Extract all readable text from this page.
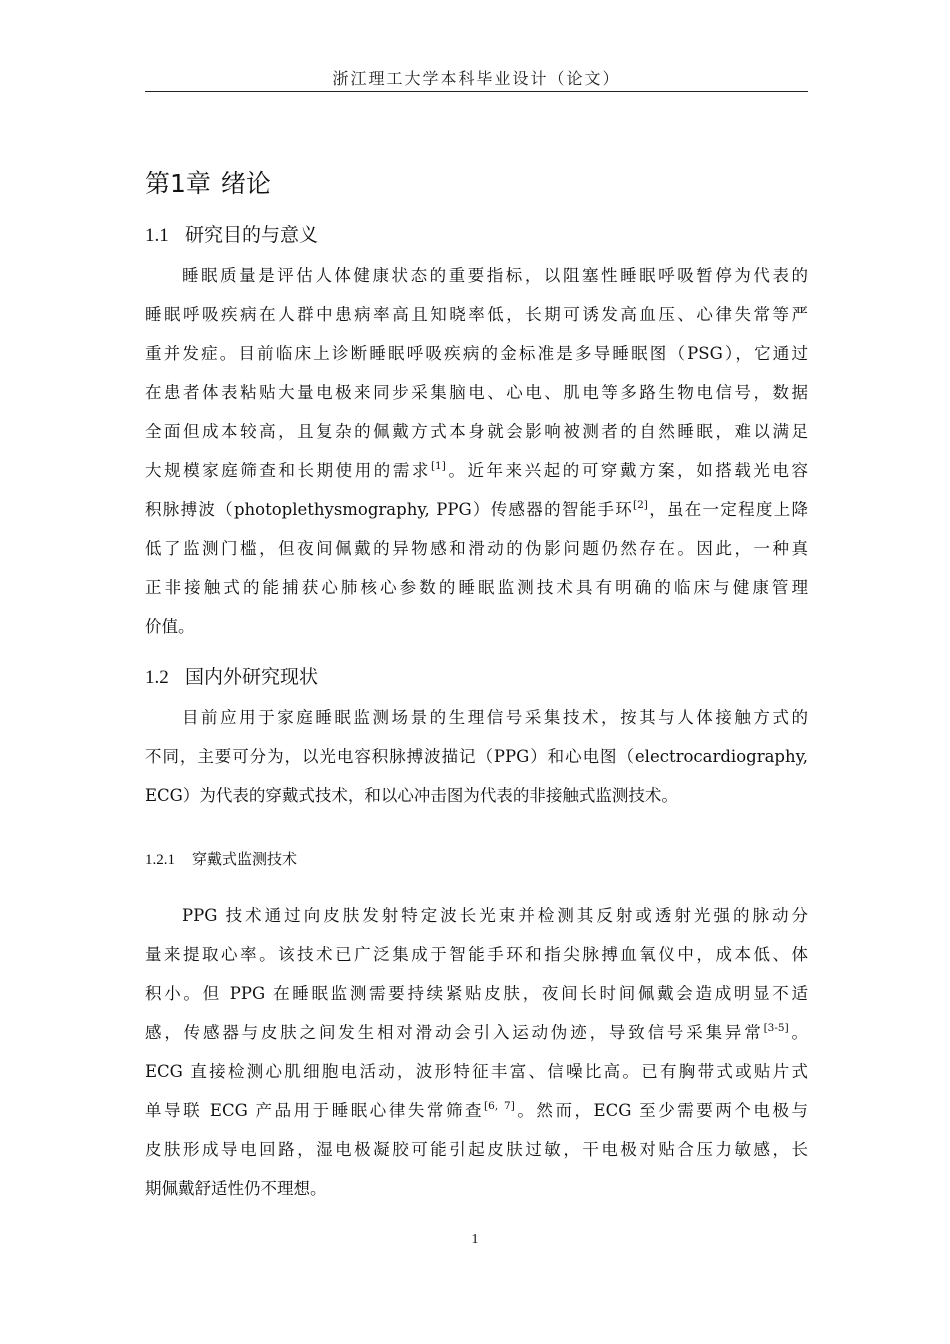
浙江理工大学本科毕业设计（论文）
第1章 绪论
1.1 研究目的与意义
睡眠质量是评估人体健康状态的重要指标，以阻塞性睡眠呼吸暂停为代表的
睡眠呼吸疾病在人群中患病率高且知晓率低，长期可诱发高血压、心律失常等严
重并发症。目前临床上诊断睡眠呼吸疾病的金标准是多导睡眠图（PSG），它通过
在患者体表粘贴大量电极来同步采集脑电、心电、肌电等多路生物电信号，数据
全面但成本较高，且复杂的佩戴方式本身就会影响被测者的自然睡眠，难以满足
大规模家庭筛查和长期使用的需求[1]。近年来兴起的可穿戴方案，如搭载光电容
积脉搏波（photoplethysmography, PPG）传感器的智能手环[2]，虽在一定程度上降
低了监测门槛，但夜间佩戴的异物感和滑动的伪影问题仍然存在。因此，一种真
正非接触式的能捕获心肺核心参数的睡眠监测技术具有明确的临床与健康管理
价值。
1.2 国内外研究现状
目前应用于家庭睡眠监测场景的生理信号采集技术，按其与人体接触方式的
不同，主要可分为，以光电容积脉搏波描记（PPG）和心电图（electrocardiography,
ECG）为代表的穿戴式技术，和以心冲击图为代表的非接触式监测技术。
1.2.1 穿戴式监测技术
PPG 技术通过向皮肤发射特定波长光束并检测其反射或透射光强的脉动分
量来提取心率。该技术已广泛集成于智能手环和指尖脉搏血氧仪中，成本低、体
积小。但 PPG 在睡眠监测需要持续紧贴皮肤，夜间长时间佩戴会造成明显不适
感，传感器与皮肤之间发生相对滑动会引入运动伪迹，导致信号采集异常[3-5]。
ECG 直接检测心肌细胞电活动，波形特征丰富、信噪比高。已有胸带式或贴片式
单导联 ECG 产品用于睡眠心律失常筛查[6, 7]。然而，ECG 至少需要两个电极与
皮肤形成导电回路，湿电极凝胶可能引起皮肤过敏，干电极对贴合压力敏感，长
期佩戴舒适性仍不理想。
1
